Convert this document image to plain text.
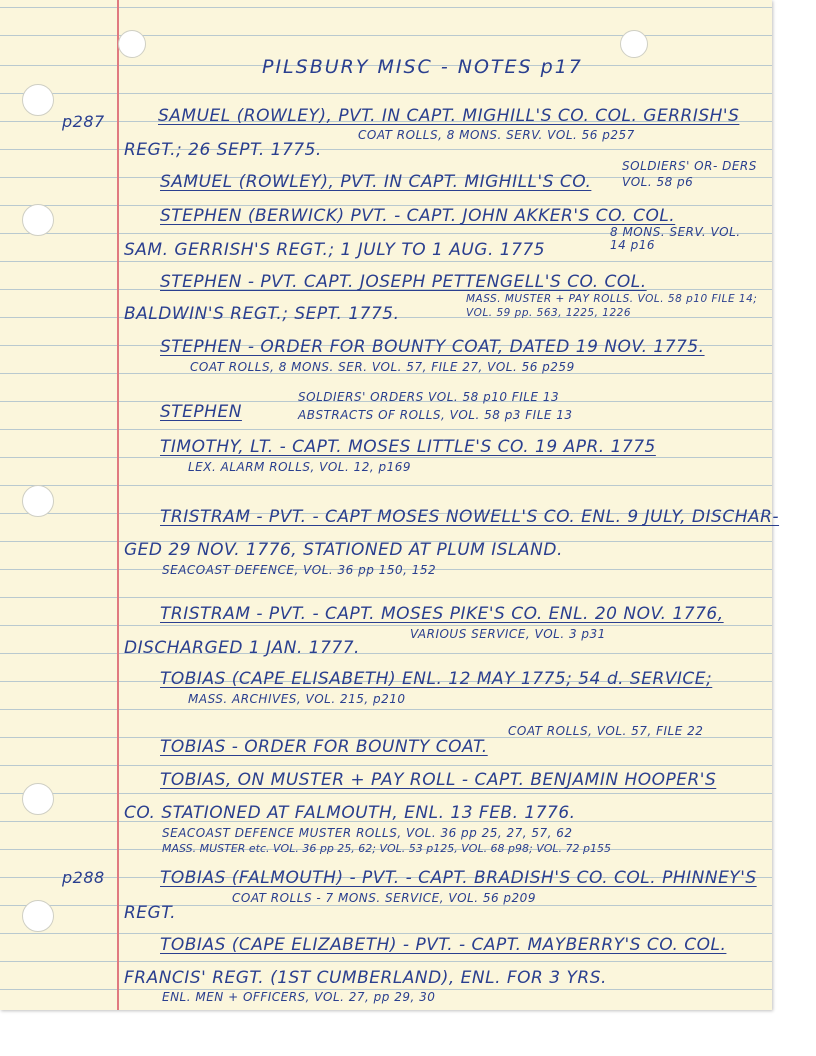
PILSBURY MISC - NOTES p17
p287
p288
SAMUEL (ROWLEY), PVT. IN CAPT. MIGHILL'S CO. COL. GERRISH'S
COAT ROLLS, 8 MONS. SERV. VOL. 56 p257
REGT.; 26 SEPT. 1775.
SAMUEL (ROWLEY), PVT. IN CAPT. MIGHILL'S CO.
SOLDIERS' OR- DERS VOL. 58 p6
STEPHEN (BERWICK) PVT. - CAPT. JOHN AKKER'S CO. COL.
8 MONS. SERV. VOL. 14 p16
SAM. GERRISH'S REGT.; 1 JULY TO 1 AUG. 1775
STEPHEN - PVT. CAPT. JOSEPH PETTENGELL'S CO. COL.
MASS. MUSTER + PAY ROLLS. VOL. 58 p10 FILE 14; VOL. 59 pp. 563, 1225, 1226
BALDWIN'S REGT.; SEPT. 1775.
STEPHEN - ORDER FOR BOUNTY COAT, DATED 19 NOV. 1775.
COAT ROLLS, 8 MONS. SER. VOL. 57, FILE 27, VOL. 56 p259
SOLDIERS' ORDERS VOL. 58 p10 FILE 13
STEPHEN	ABSTRACTS OF ROLLS, VOL. 58 p3 FILE 13
TIMOTHY, LT. - CAPT. MOSES LITTLE'S CO. 19 APR. 1775
LEX. ALARM ROLLS, VOL. 12, p169
TRISTRAM - PVT. - CAPT MOSES NOWELL'S CO. ENL. 9 JULY, DISCHAR-
GED 29 NOV. 1776, STATIONED AT PLUM ISLAND.
SEACOAST DEFENCE, VOL. 36 pp 150, 152
TRISTRAM - PVT. - CAPT. MOSES PIKE'S CO. ENL. 20 NOV. 1776,
VARIOUS SERVICE, VOL. 3 p31
DISCHARGED 1 JAN. 1777.
TOBIAS (CAPE ELISABETH) ENL. 12 MAY 1775; 54 d. SERVICE;
MASS. ARCHIVES, VOL. 215, p210
COAT ROLLS, VOL. 57, FILE 22
TOBIAS - ORDER FOR BOUNTY COAT.
TOBIAS, ON MUSTER + PAY ROLL - CAPT. BENJAMIN HOOPER'S
CO. STATIONED AT FALMOUTH, ENL. 13 FEB. 1776.
SEACOAST DEFENCE MUSTER ROLLS, VOL. 36 pp 25, 27, 57, 62
MASS. MUSTER etc. VOL. 36 pp 25, 62; VOL. 53 p125, VOL. 68 p98; VOL. 72 p155
TOBIAS (FALMOUTH) - PVT. - CAPT. BRADISH'S CO. COL. PHINNEY'S
COAT ROLLS - 7 MONS. SERVICE, VOL. 56 p209
REGT.
TOBIAS (CAPE ELIZABETH) - PVT. - CAPT. MAYBERRY'S CO. COL.
FRANCIS' REGT. (1ST CUMBERLAND), ENL. FOR 3 YRS.
ENL. MEN + OFFICERS, VOL. 27, pp 29, 30
